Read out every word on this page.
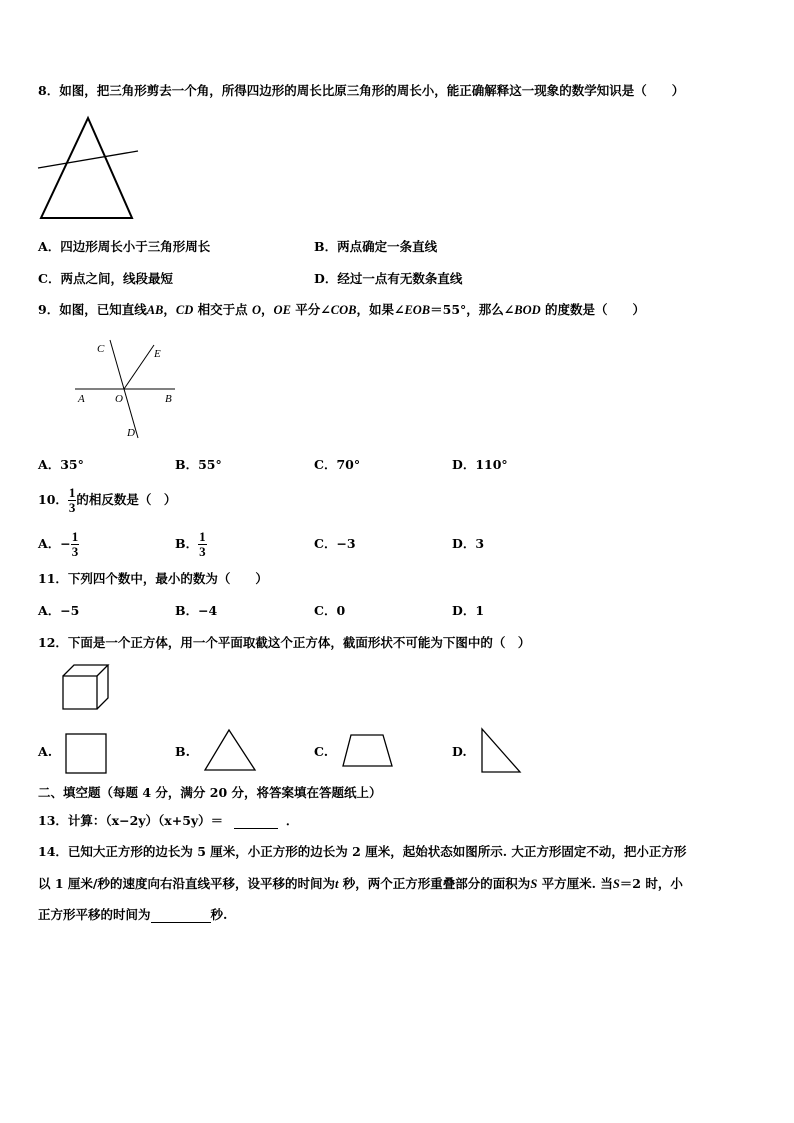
8．如图，把三角形剪去一个角，所得四边形的周长比原三角形的周长小，能正确解释这一现象的数学知识是（　　）
A．四边形周长小于三角形周长	B．两点确定一条直线
C．两点之间，线段最短	D．经过一点有无数条直线
9．如图，已知直线AB，CD 相交于点 O，OE 平分∠COB，如果∠EOB＝55°，那么∠BOD 的度数是（　　）
C	E
A	O	B
D
A．35°	B．55°	C．70°	D．110°
10． $\frac{1}{3}$ 的相反数是（　）
A．− $\frac{1}{3}$	B． $\frac{1}{3}$	C．−3	D．3
11．下列四个数中，最小的数为（　　）
A．−5	B．−4	C．0	D．1
12．下面是一个正方体，用一个平面取截这个正方体，截面形状不可能为下图中的（　）
A.	B.	C.	D.
二、填空题（每题 4 分，满分 20 分，将答案填在答题纸上）
13．计算：（x−2y）（x+5y）＝	．
14．已知大正方形的边长为 5 厘米，小正方形的边长为 2 厘米，起始状态如图所示. 大正方形固定不动，把小正方形
以 1 厘米/秒的速度向右沿直线平移，设平移的时间为t 秒，两个正方形重叠部分的面积为S 平方厘米. 当S＝2 时，小
正方形平移的时间为	秒.
